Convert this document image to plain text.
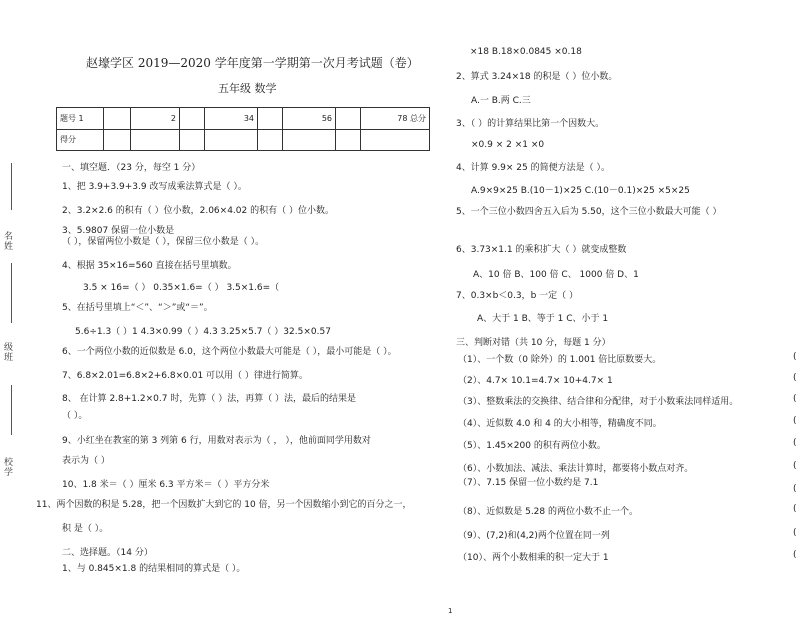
名
姓
级
班
校
学
赵壕学区 2019—2020 学年度第一学期第一次月考试题（卷）
五年级 数学
题号 1		2		34		56		78 总分
得分								
一、填空题．（23 分，每空 1 分）
1、把 3.9+3.9+3.9 改写成乘法算式是（ ）。
2、3.2×2.6 的积有（ ）位小数，2.06×4.02 的积有（ ）位小数。
3、5.9807 保留一位小数是
（ ），保留两位小数是（ ），保留三位小数是（ ）。
4、根据 35×16=560 直接在括号里填数。
3.5 × 16=（ ） 0.35×1.6=（ ） 3.5×1.6=（
5、在括号里填上“＜”、“＞”或“＝”。
5.6÷1.3（ ）1 4.3×0.99（ ）4.3 3.25×5.7（ ）32.5×0.57
6、一个两位小数的近似数是 6.0，这个两位小数最大可能是（ ），最小可能是（ ）。
7、6.8×2.01=6.8×2+6.8×0.01 可以用（ ）律进行简算。
8、 在计算 2.8+1.2×0.7 时，先算（ ）法，再算（ ）法，最后的结果是
（ ）。
9、小红坐在教室的第 3 列第 6 行，用数对表示为（ ， ），他前面同学用数对
表示为（ ）
10、1.8 米＝（ ）厘米 6.3 平方米＝（ ）平方分米
11、两个因数的积是 5.28，把一个因数扩大到它的 10 倍，另一个因数缩小到它的百分之一，
积 是（ ）。
二、选择题。（14 分）
1、与 0.845×1.8 的结果相同的算式是（ ）。
×18 B.18×0.0845 ×0.18
2、算式 3.24×18 的积是（ ）位小数。
A.一 B.两 C.三
3、（ ）的计算结果比第一个因数大。
×0.9 × 2 ×1 ×0
4、计算 9.9× 25 的简便方法是（ ）。
A.9×9×25 B.(10－1)×25 C.(10－0.1)×25 ×5×25
5、一个三位小数四舍五入后为 5.50，这个三位小数最大可能（ ）
6、3.73×1.1 的乘积扩大（ ）就变成整数
A、10 倍 B、100 倍 C、 1000 倍 D、1
7、0.3×b＜0.3，b 一定（ ）
A、大于 1 B、等于 1 C、小于 1
三、判断对错（共 10 分，每题 1 分）
（1）、一个数（0 除外）的 1.001 倍比原数要大。
（2）、4.7× 10.1=4.7× 10+4.7× 1
（3）、整数乘法的交换律、结合律和分配律，对于小数乘法同样适用。
（4）、近似数 4.0 和 4 的大小相等，精确度不同。
（5）、1.45×200 的积有两位小数。
（6）、小数加法、减法、乘法计算时，都要将小数点对齐。
（7）、7.15 保留一位小数约是 7.1
（8）、近似数是 5.28 的两位小数不止一个。
（9）、(7,2)和(4,2)两个位置在同一列
（10）、两个小数相乘的积一定大于 1
(
(
(
(
(
(
(
(
(
(
1
